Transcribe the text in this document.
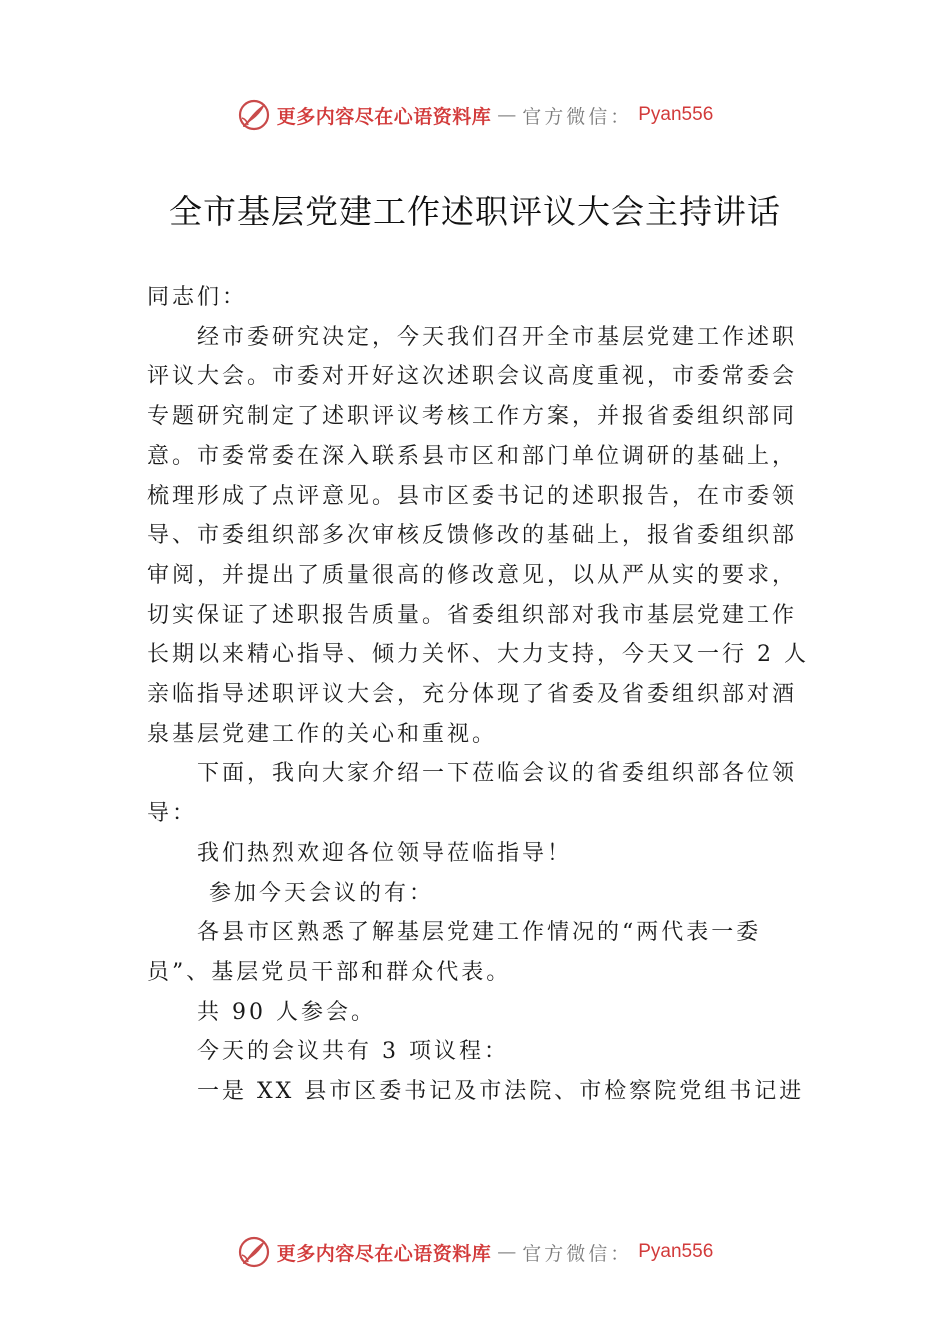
更多内容尽在心语资料库 — 官方微信： Pyan556
全市基层党建工作述职评议大会主持讲话

同志们：

经市委研究决定，今天我们召开全市基层党建工作述职评议大会。市委对开好这次述职会议高度重视，市委常委会专题研究制定了述职评议考核工作方案，并报省委组织部同意。市委常委在深入联系县市区和部门单位调研的基础上， 梳理形成了点评意见。县市区委书记的述职报告，在市委领导、市委组织部多次审核反馈修改的基础上，报省委组织部审阅，并提出了质量很高的修改意见，以从严从实的要求， 切实保证了述职报告质量。省委组织部对我市基层党建工作长期以来精心指导、倾力关怀、大力支持，今天又一行 2 人亲临指导述职评议大会，充分体现了省委及省委组织部对酒泉基层党建工作的关心和重视。

下面，我向大家介绍一下莅临会议的省委组织部各位领导：

我们热烈欢迎各位领导莅临指导！

参加今天会议的有：

各县市区熟悉了解基层党建工作情况的“两代表一委员”、基层党员干部和群众代表。

共 90 人参会。

今天的会议共有 3 项议程：

一是 XX 县市区委书记及市法院、市检察院党组书记进

更多内容尽在心语资料库 — 官方微信： Pyan556
